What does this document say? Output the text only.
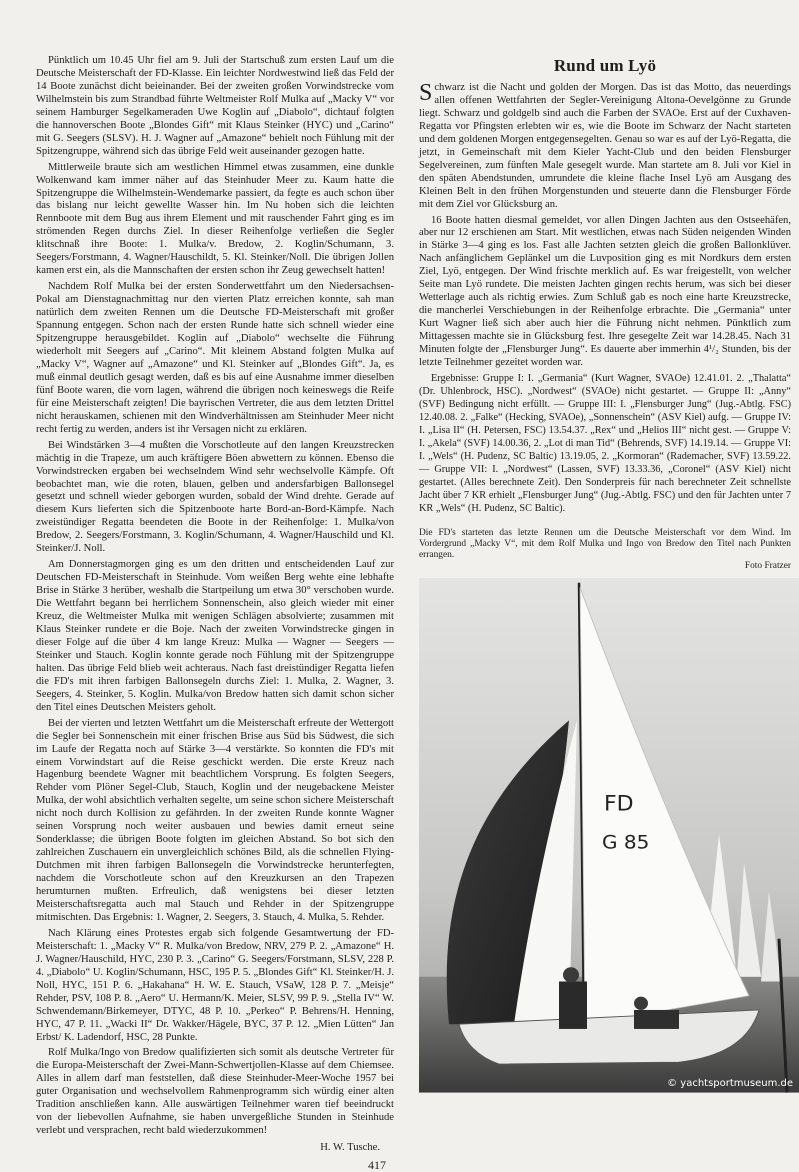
Pünktlich um 10.45 Uhr fiel am 9. Juli der Startschuß zum ersten Lauf um die Deutsche Meisterschaft der FD-Klasse. Ein leichter Nordwestwind ließ das Feld der 14 Boote zunächst dicht beieinander. Bei der zweiten großen Vorwindstrecke vom Wilhelmstein bis zum Strandbad führte Weltmeister Rolf Mulka auf „Macky V“ vor seinem Hamburger Segelkameraden Uwe Koglin auf „Diabolo“, dichtauf folgten die hannoverschen Boote „Blondes Gift“ mit Klaus Steinker (HYC) und „Carino“ mit G. Seegers (SLSV). H. J. Wagner auf „Amazone“ behielt noch Fühlung mit der Spitzengruppe, während sich das übrige Feld weit auseinander gezogen hatte.

Mittlerweile braute sich am westlichen Himmel etwas zusammen, eine dunkle Wolkenwand kam immer näher auf das Steinhuder Meer zu. Kaum hatte die Spitzengruppe die Wilhelmstein-Wendemarke passiert, da fegte es auch schon über das bislang nur leicht gewellte Wasser hin. Im Nu hoben sich die leichten Rennboote mit dem Bug aus ihrem Element und mit rauschender Fahrt ging es im strömenden Regen durchs Ziel. In dieser Reihenfolge verließen die Segler klitschnaß ihre Boote: 1. Mulka/v. Bredow, 2. Koglin/Schumann, 3. Seegers/Forstmann, 4. Wagner/Hauschildt, 5. Kl. Steinker/Noll. Die übrigen Jollen kamen erst ein, als die Mannschaften der ersten schon ihr Zeug gewechselt hatten!

Nachdem Rolf Mulka bei der ersten Sonderwettfahrt um den Niedersachsen-Pokal am Dienstagnachmittag nur den vierten Platz erreichen konnte, sah man natürlich dem zweiten Rennen um die Deutsche FD-Meisterschaft mit großer Spannung entgegen. Schon nach der ersten Runde hatte sich schnell wieder eine Spitzengruppe herausgebildet. Koglin auf „Diabolo“ wechselte die Führung wiederholt mit Seegers auf „Carino“. Mit kleinem Abstand folgten Mulka auf „Macky V“, Wagner auf „Amazone“ und Kl. Steinker auf „Blondes Gift“. Ja, es muß einmal deutlich gesagt werden, daß es bis auf eine Ausnahme immer dieselben fünf Boote waren, die vorn lagen, während die übrigen noch keineswegs die Reife für eine Meisterschaft zeigten! Die bayrischen Vertreter, die aus dem letzten Drittel nicht herauskamen, schienen mit den Windverhältnissen am Steinhuder Meer nicht recht fertig zu werden, anders ist ihr Versagen nicht zu erklären.

Bei Windstärken 3—4 mußten die Vorschotleute auf den langen Kreuzstrecken mächtig in die Trapeze, um auch kräftigere Böen abwettern zu können. Ebenso die Vorwindstrecken ergaben bei wechselndem Wind sehr wechselvolle Kämpfe. Oft beobachtet man, wie die roten, blauen, gelben und andersfarbigen Ballonsegel gesetzt und schnell wieder geborgen wurden, sobald der Wind drehte. Gerade auf diesem Kurs lieferten sich die Spitzenboote harte Bord-an-Bord-Kämpfe. Nach zweistündiger Regatta beendeten die Boote in der Reihenfolge: 1. Mulka/von Bredow, 2. Seegers/Forstmann, 3. Koglin/Schumann, 4. Wagner/Hauschild und Kl. Steinker/J. Noll.

Am Donnerstagmorgen ging es um den dritten und entscheidenden Lauf zur Deutschen FD-Meisterschaft in Steinhude. Vom weißen Berg wehte eine lebhafte Brise in Stärke 3 herüber, weshalb die Startpeilung um etwa 30° verschoben wurde. Die Wettfahrt begann bei herrlichem Sonnenschein, also gleich wieder mit einer Kreuz, die Weltmeister Mulka mit wenigen Schlägen absolvierte; zusammen mit Klaus Steinker rundete er die Boje. Nach der zweiten Vorwindstrecke gingen in dieser Folge auf die über 4 km lange Kreuz: Mulka — Wagner — Seegers — Steinker und Stauch. Koglin konnte gerade noch Fühlung mit der Spitzengruppe halten. Das übrige Feld blieb weit achteraus. Nach fast dreistündiger Regatta liefen die FD's mit ihren farbigen Ballonsegeln durchs Ziel: 1. Mulka, 2. Wagner, 3. Seegers, 4. Steinker, 5. Koglin. Mulka/von Bredow hatten sich damit schon sicher den Titel eines Deutschen Meisters geholt.

Bei der vierten und letzten Wettfahrt um die Meisterschaft erfreute der Wettergott die Segler bei Sonnenschein mit einer frischen Brise aus Süd bis Südwest, die sich im Laufe der Regatta noch auf Stärke 3—4 verstärkte. So konnten die FD's mit einem Vorwindstart auf die Reise geschickt werden. Die erste Kreuz nach Hagenburg beendete Wagner mit beachtlichem Vorsprung. Es folgten Seegers, Rehder vom Plöner Segel-Club, Stauch, Koglin und der neugebackene Meister Mulka, der wohl absichtlich verhalten segelte, um seine schon sichere Meisterschaft nicht noch durch Kollision zu gefährden. In der zweiten Runde konnte Wagner seinen Vorsprung noch weiter ausbauen und bewies damit erneut seine Sonderklasse; die übrigen Boote folgten im gleichen Abstand. So bot sich den zahlreichen Zuschauern ein unvergleichlich schönes Bild, als die schnellen Flying-Dutchmen mit ihren farbigen Ballonsegeln die Vorwindstrecke herunterfegten, nachdem die Vorschotleute schon auf den Kreuzkursen an den Trapezen herumturnen mußten. Erfreulich, daß wenigstens bei dieser letzten Meisterschaftsregatta auch mal Stauch und Rehder in der Spitzengruppe mitmischten. Das Ergebnis: 1. Wagner, 2. Seegers, 3. Stauch, 4. Mulka, 5. Rehder.

Nach Klärung eines Protestes ergab sich folgende Gesamtwertung der FD-Meisterschaft: 1. „Macky V“ R. Mulka/von Bredow, NRV, 279 P. 2. „Amazone“ H. J. Wagner/Hauschild, HYC, 230 P. 3. „Carino“ G. Seegers/Forstmann, SLSV, 228 P. 4. „Diabolo“ U. Koglin/Schumann, HSC, 195 P. 5. „Blondes Gift“ Kl. Steinker/H. J. Noll, HYC, 151 P. 6. „Hakahana“ H. W. E. Stauch, VSaW, 128 P. 7. „Meisje“ Rehder, PSV, 108 P. 8. „Aero“ U. Hermann/K. Meier, SLSV, 99 P. 9. „Stella IV“ W. Schwendemann/Birkemeyer, DTYC, 48 P. 10. „Perkeo“ P. Behrens/H. Henning, HYC, 47 P. 11. „Wacki II“ Dr. Wakker/Hägele, BYC, 37 P. 12. „Mien Lütten“ Jan Erbst/ K. Ladendorf, HSC, 28 Punkte.

Rolf Mulka/Ingo von Bredow qualifizierten sich somit als deutsche Vertreter für die Europa-Meisterschaft der Zwei-Mann-Schwertjollen-Klasse auf dem Chiemsee. Alles in allem darf man feststellen, daß diese Steinhuder-Meer-Woche 1957 bei guter Organisation und wechselvollem Rahmenprogramm sich würdig einer alten Tradition anschließen kann. Alle auswärtigen Teilnehmer waren tief beeindruckt von der liebevollen Aufnahme, sie haben unvergeßliche Stunden in Steinhude verlebt und versprachen, recht bald wiederzukommen!

H. W. Tusche.
417
Rund um Lyö

Schwarz ist die Nacht und golden der Morgen. Das ist das Motto, das neuerdings allen offenen Wettfahrten der Segler-Vereinigung Altona-Oevelgönne zu Grunde liegt. Schwarz und goldgelb sind auch die Farben der SVAOe. Erst auf der Cuxhaven-Regatta vor Pfingsten erlebten wir es, wie die Boote im Schwarz der Nacht starteten und dem goldenen Morgen entgegensegelten. Genau so war es auf der Lyö-Regatta, die jetzt, in Gemeinschaft mit dem Kieler Yacht-Club und den beiden Flensburger Segelvereinen, zum fünften Male gesegelt wurde. Man startete am 8. Juli vor Kiel in den späten Abendstunden, umrundete die kleine flache Insel Lyö am Ausgang des Kleinen Belt in den frühen Morgenstunden und steuerte dann die Flensburger Förde mit dem Ziel vor Glücksburg an.

16 Boote hatten diesmal gemeldet, vor allen Dingen Jachten aus den Ostseehäfen, aber nur 12 erschienen am Start. Mit westlichen, etwas nach Süden neigenden Winden in Stärke 3—4 ging es los. Fast alle Jachten setzten gleich die großen Ballonklüver. Nach anfänglichem Geplänkel um die Luvposition ging es mit Nordkurs dem ersten Ziel, Lyö, entgegen. Der Wind frischte merklich auf. Es war freigestellt, von welcher Seite man Lyö rundete. Die meisten Jachten gingen rechts herum, was sich bei dieser Wetterlage auch als richtig erwies. Zum Schluß gab es noch eine harte Kreuzstrecke, die mancherlei Verschiebungen in der Reihenfolge erbrachte. Die „Germania“ unter Kurt Wagner ließ sich aber auch hier die Führung nicht nehmen. Pünktlich zum Mittagessen machte sie in Glücksburg fest. Ihre gesegelte Zeit war 14.28.45. Nach 31 Minuten folgte der „Flensburger Jung“. Es dauerte aber immerhin 4¹/₂ Stunden, bis der letzte Teilnehmer gezeitet worden war.

Ergebnisse: Gruppe I: I. „Germania“ (Kurt Wagner, SVAOe) 12.41.01. 2. „Thalatta“ (Dr. Uhlenbrock, HSC). „Nordwest“ (SVAOe) nicht gestartet. — Gruppe II: „Anny“ (SVF) Bedingung nicht erfüllt. — Gruppe III: I. „Flensburger Jung“ (Jug.-Abtlg. FSC) 12.40.08. 2. „Falke“ (Hecking, SVAOe), „Sonnenschein“ (ASV Kiel) aufg. — Gruppe IV: I. „Lisa II“ (H. Petersen, FSC) 13.54.37. „Rex“ und „Helios III“ nicht gest. — Gruppe V: I. „Akela“ (SVF) 14.00.36, 2. „Lot di man Tid“ (Behrends, SVF) 14.19.14. — Gruppe VI: I. „Wels“ (H. Pudenz, SC Baltic) 13.19.05, 2. „Kormoran“ (Rademacher, SVF) 13.59.22. — Gruppe VII: I. „Nordwest“ (Lassen, SVF) 13.33.36, „Coronel“ (ASV Kiel) nicht gestartet. (Alles berechnete Zeit). Den Sonderpreis für nach berechneter Zeit schnellste Jacht über 7 KR erhielt „Flensburger Jung“ (Jug.-Abtlg. FSC) und den für Jachten unter 7 KR „Wels“ (H. Pudenz, SC Baltic).

Die FD's starteten das letzte Rennen um die Deutsche Meisterschaft vor dem Wind. Im Vordergrund „Macky V“, mit dem Rolf Mulka und Ingo von Bredow den Titel nach Punkten errangen.
Foto Fratzer
FD
G 85
© yachtsportmuseum.de
